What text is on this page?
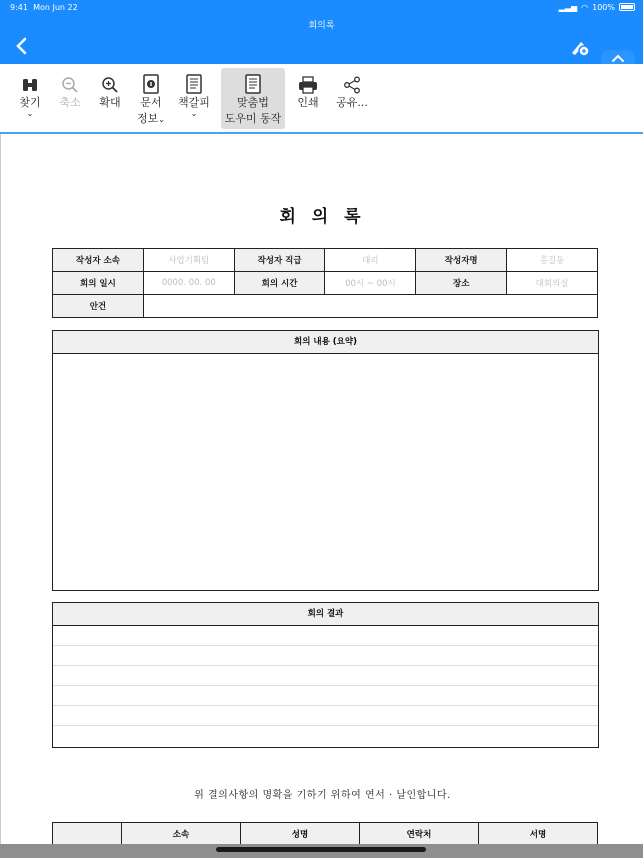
9:41 Mon Jun 22	▂▃▅ ◠ 100%
회의록
찾기
⌄
축소	확대	문서
정보⌄
책갈피
⌄
맞춤법
도우미 동작
인쇄	공유...
회 의 록
작성자 소속	사업기획팀	작성자 직급	대리	작성자명	홍길동
회의 일시	0000. 00. 00	회의 시간	00시 ~ 00시	장소	대회의실
안건					
회의 내용 (요약)
회의 결과
위 결의사항의 명확을 기하기 위하여 연서 · 날인합니다.
	소속	성명	연락처	서명
